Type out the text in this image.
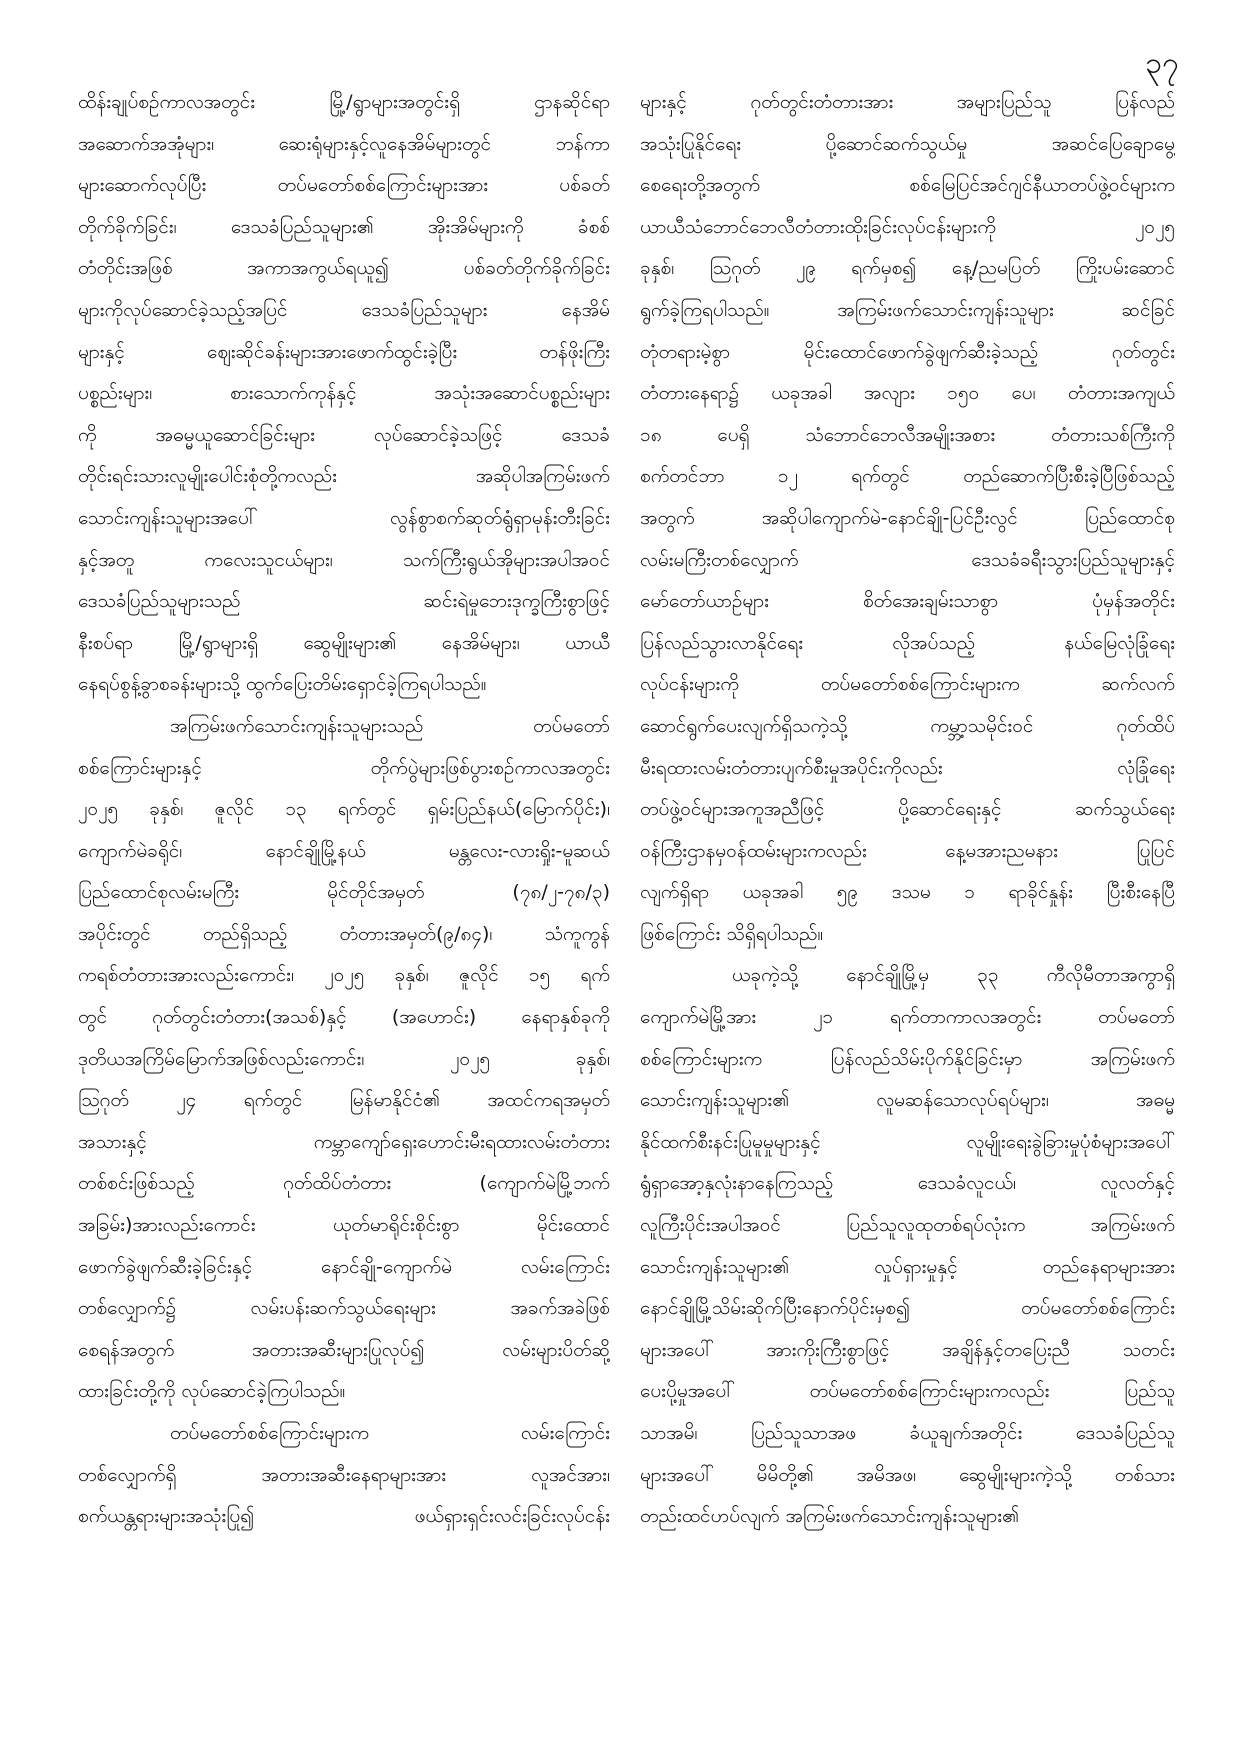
၃၇
ထိန်းချုပ်စဉ်ကာလအတွင်း မြို့/ရွာများအတွင်းရှိ ဌာနဆိုင်ရာ
အဆောက်အအုံများ၊ ဆေးရုံများနှင့်လူနေအိမ်များတွင် ဘန်ကာ
များဆောက်လုပ်ပြီး တပ်မတော်စစ်ကြောင်းများအား ပစ်ခတ်
တိုက်ခိုက်ခြင်း၊ ဒေသခံပြည်သူများ၏ အိုးအိမ်များကို ခံစစ်
တံတိုင်းအဖြစ် အကာအကွယ်ရယူ၍ ပစ်ခတ်တိုက်ခိုက်ခြင်း
များကိုလုပ်ဆောင်ခဲ့သည့်အပြင် ဒေသခံပြည်သူများ နေအိမ်
များနှင့် ဈေးဆိုင်ခန်းများအားဖောက်ထွင်းခဲ့ပြီး တန်ဖိုးကြီး
ပစ္စည်းများ၊ စားသောက်ကုန်နှင့် အသုံးအဆောင်ပစ္စည်းများ
ကို အဓမ္မယူဆောင်ခြင်းများ လုပ်ဆောင်ခဲ့သဖြင့် ဒေသခံ
တိုင်းရင်းသားလူမျိုးပေါင်းစုံတို့ကလည်း အဆိုပါအကြမ်းဖက်
သောင်းကျန်းသူများအပေါ် လွန်စွာစက်ဆုတ်ရွံရှာမုန်းတီးခြင်း
နှင့်အတူ ကလေးသူငယ်များ၊ သက်ကြီးရွယ်အိုများအပါအဝင်
ဒေသခံပြည်သူများသည် ဆင်းရဲမှုဘေးဒုက္ခကြီးစွာဖြင့်
နီးစပ်ရာ မြို့/ရွာများရှိ ဆွေမျိုးများ၏ နေအိမ်များ၊ ယာယီ
နေရပ်စွန့်ခွာစခန်းများသို့ ထွက်ပြေးတိမ်းရှောင်ခဲ့ကြရပါသည်။
အကြမ်းဖက်သောင်းကျန်းသူများသည် တပ်မတော်
စစ်ကြောင်းများနှင့် တိုက်ပွဲများဖြစ်ပွားစဉ်ကာလအတွင်း
၂၀၂၅ ခုနှစ်၊ ဇူလိုင် ၁၃ ရက်တွင် ရှမ်းပြည်နယ်(မြောက်ပိုင်း)၊
ကျောက်မဲခရိုင်၊ နောင်ချိုမြို့နယ် မန္တလေး-လားရှိုး-မူဆယ်
ပြည်ထောင်စုလမ်းမကြီး မိုင်တိုင်အမှတ် (၇၈/၂-၇၈/၃)
အပိုင်းတွင် တည်ရှိသည့် တံတားအမှတ်(၉/၈၄)၊ သံကူကွန်
ကရစ်တံတားအားလည်းကောင်း၊ ၂၀၂၅ ခုနှစ်၊ ဇူလိုင် ၁၅ ရက်
တွင် ဂုတ်တွင်းတံတား(အသစ်)နှင့် (အဟောင်း) နေရာနှစ်ခုကို
ဒုတိယအကြိမ်မြောက်အဖြစ်လည်းကောင်း၊ ၂၀၂၅ ခုနှစ်၊
ဩဂုတ် ၂၄ ရက်တွင် မြန်မာနိုင်ငံ၏ အထင်ကရအမှတ်
အသားနှင့် ကမ္ဘာကျော်ရှေးဟောင်းမီးရထားလမ်းတံတား
တစ်စင်းဖြစ်သည့် ဂုတ်ထိပ်တံတား (ကျောက်မဲမြို့ဘက်
အခြမ်း)အားလည်းကောင်း ယုတ်မာရိုင်းစိုင်းစွာ မိုင်းထောင်
ဖောက်ခွဲဖျက်ဆီးခဲ့ခြင်းနှင့် နောင်ချို-ကျောက်မဲ လမ်းကြောင်း
တစ်လျှောက်၌ လမ်းပန်းဆက်သွယ်ရေးများ အခက်အခဲဖြစ်
စေရန်အတွက် အတားအဆီးများပြုလုပ်၍ လမ်းများပိတ်ဆို့
ထားခြင်းတို့ကို လုပ်ဆောင်ခဲ့ကြပါသည်။
တပ်မတော်စစ်ကြောင်းများက လမ်းကြောင်း
တစ်လျှောက်ရှိ အတားအဆီးနေရာများအား လူအင်အား၊
စက်ယန္တရားများအသုံးပြု၍ ဖယ်ရှားရှင်းလင်းခြင်းလုပ်ငန်း
များနှင့် ဂုတ်တွင်းတံတားအား အများပြည်သူ ပြန်လည်
အသုံးပြုနိုင်ရေး ပို့ဆောင်ဆက်သွယ်မှု အဆင်ပြေချောမွေ့
စေရေးတို့အတွက် စစ်မြေပြင်အင်ဂျင်နီယာတပ်ဖွဲ့ဝင်များက
ယာယီသံဘောင်ဘေလီတံတားထိုးခြင်းလုပ်ငန်းများကို ၂၀၂၅
ခုနှစ်၊ ဩဂုတ် ၂၉ ရက်မှစ၍ နေ့/ညမပြတ် ကြိုးပမ်းဆောင်
ရွက်ခဲ့ကြရပါသည်။ အကြမ်းဖက်သောင်းကျန်းသူများ ဆင်ခြင်
တုံတရားမဲ့စွာ မိုင်းထောင်ဖောက်ခွဲဖျက်ဆီးခဲ့သည့် ဂုတ်တွင်း
တံတားနေရာ၌ ယခုအခါ အလျား ၁၅၀ ပေ၊ တံတားအကျယ်
၁၈ ပေရှိ သံဘောင်ဘေလီအမျိုးအစား တံတားသစ်ကြီးကို
စက်တင်ဘာ ၁၂ ရက်တွင် တည်ဆောက်ပြီးစီးခဲ့ပြီဖြစ်သည့်
အတွက် အဆိုပါကျောက်မဲ-နောင်ချို-ပြင်ဦးလွင် ပြည်ထောင်စု
လမ်းမကြီးတစ်လျှောက် ဒေသခံခရီးသွားပြည်သူများနှင့်
မော်တော်ယာဉ်များ စိတ်အေးချမ်းသာစွာ ပုံမှန်အတိုင်း
ပြန်လည်သွားလာနိုင်ရေး လိုအပ်သည့် နယ်မြေလုံခြုံရေး
လုပ်ငန်းများကို တပ်မတော်စစ်ကြောင်းများက ဆက်လက်
ဆောင်ရွက်ပေးလျက်ရှိသကဲ့သို့ ကမ္ဘာ့သမိုင်းဝင် ဂုတ်ထိပ်
မီးရထားလမ်းတံတားပျက်စီးမှုအပိုင်းကိုလည်း လုံခြုံရေး
တပ်ဖွဲ့ဝင်များအကူအညီဖြင့် ပို့ဆောင်ရေးနှင့် ဆက်သွယ်ရေး
ဝန်ကြီးဌာနမှဝန်ထမ်းများကလည်း နေ့မအားညမနား ပြုပြင်
လျက်ရှိရာ ယခုအခါ ၅၉ ဒသမ ၁ ရာခိုင်နှုန်း ပြီးစီးနေပြီ
ဖြစ်ကြောင်း သိရှိရပါသည်။
ယခုကဲ့သို့ နောင်ချိုမြို့မှ ၃၃ ကီလိုမီတာအကွာရှိ
ကျောက်မဲမြို့အား ၂၁ ရက်တာကာလအတွင်း တပ်မတော်
စစ်ကြောင်းများက ပြန်လည်သိမ်းပိုက်နိုင်ခြင်းမှာ အကြမ်းဖက်
သောင်းကျန်းသူများ၏ လူမဆန်သောလုပ်ရပ်များ၊ အဓမ္မ
နိုင်ထက်စီးနင်းပြုမူမှုများနှင့် လူမျိုးရေးခွဲခြားမှုပုံစံများအပေါ်
ရွံရှာအော့နှလုံးနာနေကြသည့် ဒေသခံလူငယ်၊ လူလတ်နှင့်
လူကြီးပိုင်းအပါအဝင် ပြည်သူလူထုတစ်ရပ်လုံးက အကြမ်းဖက်
သောင်းကျန်းသူများ၏ လှုပ်ရှားမှုနှင့် တည်နေရာများအား
နောင်ချိုမြို့သိမ်းဆိုက်ပြီးနောက်ပိုင်းမှစ၍ တပ်မတော်စစ်ကြောင်း
များအပေါ် အားကိုးကြီးစွာဖြင့် အချိန်နှင့်တပြေးညီ သတင်း
ပေးပို့မှုအပေါ် တပ်မတော်စစ်ကြောင်းများကလည်း ပြည်သူ
သာအမိ၊ ပြည်သူသာအဖ ခံယူချက်အတိုင်း ဒေသခံပြည်သူ
များအပေါ် မိမိတို့၏ အမိအဖ၊ ဆွေမျိုးများကဲ့သို့ တစ်သား
တည်းထင်ဟပ်လျက် အကြမ်းဖက်သောင်းကျန်းသူများ၏
